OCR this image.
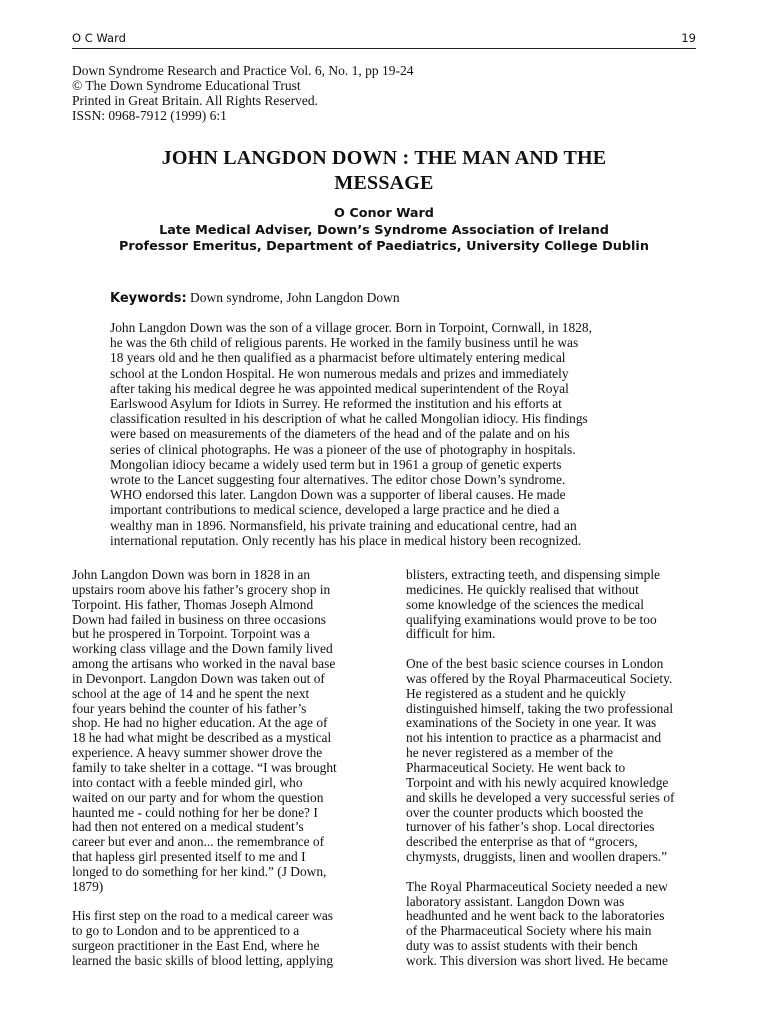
O C Ward	19
Down Syndrome Research and Practice Vol. 6, No. 1, pp 19-24
© The Down Syndrome Educational Trust
Printed in Great Britain. All Rights Reserved.
ISSN: 0968-7912 (1999) 6:1
JOHN LANGDON DOWN : THE MAN AND THE
MESSAGE
O Conor Ward
Late Medical Adviser, Down’s Syndrome Association of Ireland
Professor Emeritus, Department of Paediatrics, University College Dublin
Keywords: Down syndrome, John Langdon Down
John Langdon Down was the son of a village grocer. Born in Torpoint, Cornwall, in 1828,
he was the 6th child of religious parents. He worked in the family business until he was
18 years old and he then qualified as a pharmacist before ultimately entering medical
school at the London Hospital. He won numerous medals and prizes and immediately
after taking his medical degree he was appointed medical superintendent of the Royal
Earlswood Asylum for Idiots in Surrey. He reformed the institution and his efforts at
classification resulted in his description of what he called Mongolian idiocy. His findings
were based on measurements of the diameters of the head and of the palate and on his
series of clinical photographs. He was a pioneer of the use of photography in hospitals.
Mongolian idiocy became a widely used term but in 1961 a group of genetic experts
wrote to the Lancet suggesting four alternatives. The editor chose Down’s syndrome.
WHO endorsed this later. Langdon Down was a supporter of liberal causes. He made
important contributions to medical science, developed a large practice and he died a
wealthy man in 1896. Normansfield, his private training and educational centre, had an
international reputation. Only recently has his place in medical history been recognized.
John Langdon Down was born in 1828 in an
upstairs room above his father’s grocery shop in
Torpoint. His father, Thomas Joseph Almond
Down had failed in business on three occasions
but he prospered in Torpoint. Torpoint was a
working class village and the Down family lived
among the artisans who worked in the naval base
in Devonport. Langdon Down was taken out of
school at the age of 14 and he spent the next
four years behind the counter of his father’s
shop. He had no higher education. At the age of
18 he had what might be described as a mystical
experience. A heavy summer shower drove the
family to take shelter in a cottage. “I was brought
into contact with a feeble minded girl, who
waited on our party and for whom the question
haunted me - could nothing for her be done? I
had then not entered on a medical student’s
career but ever and anon... the remembrance of
that hapless girl presented itself to me and I
longed to do something for her kind.” (J Down,
1879)
His first step on the road to a medical career was
to go to London and to be apprenticed to a
surgeon practitioner in the East End, where he
learned the basic skills of blood letting, applying
blisters, extracting teeth, and dispensing simple
medicines. He quickly realised that without
some knowledge of the sciences the medical
qualifying examinations would prove to be too
difficult for him.
One of the best basic science courses in London
was offered by the Royal Pharmaceutical Society.
He registered as a student and he quickly
distinguished himself, taking the two professional
examinations of the Society in one year. It was
not his intention to practice as a pharmacist and
he never registered as a member of the
Pharmaceutical Society. He went back to
Torpoint and with his newly acquired knowledge
and skills he developed a very successful series of
over the counter products which boosted the
turnover of his father’s shop. Local directories
described the enterprise as that of “grocers,
chymysts, druggists, linen and woollen drapers.”
The Royal Pharmaceutical Society needed a new
laboratory assistant. Langdon Down was
headhunted and he went back to the laboratories
of the Pharmaceutical Society where his main
duty was to assist students with their bench
work. This diversion was short lived. He became
